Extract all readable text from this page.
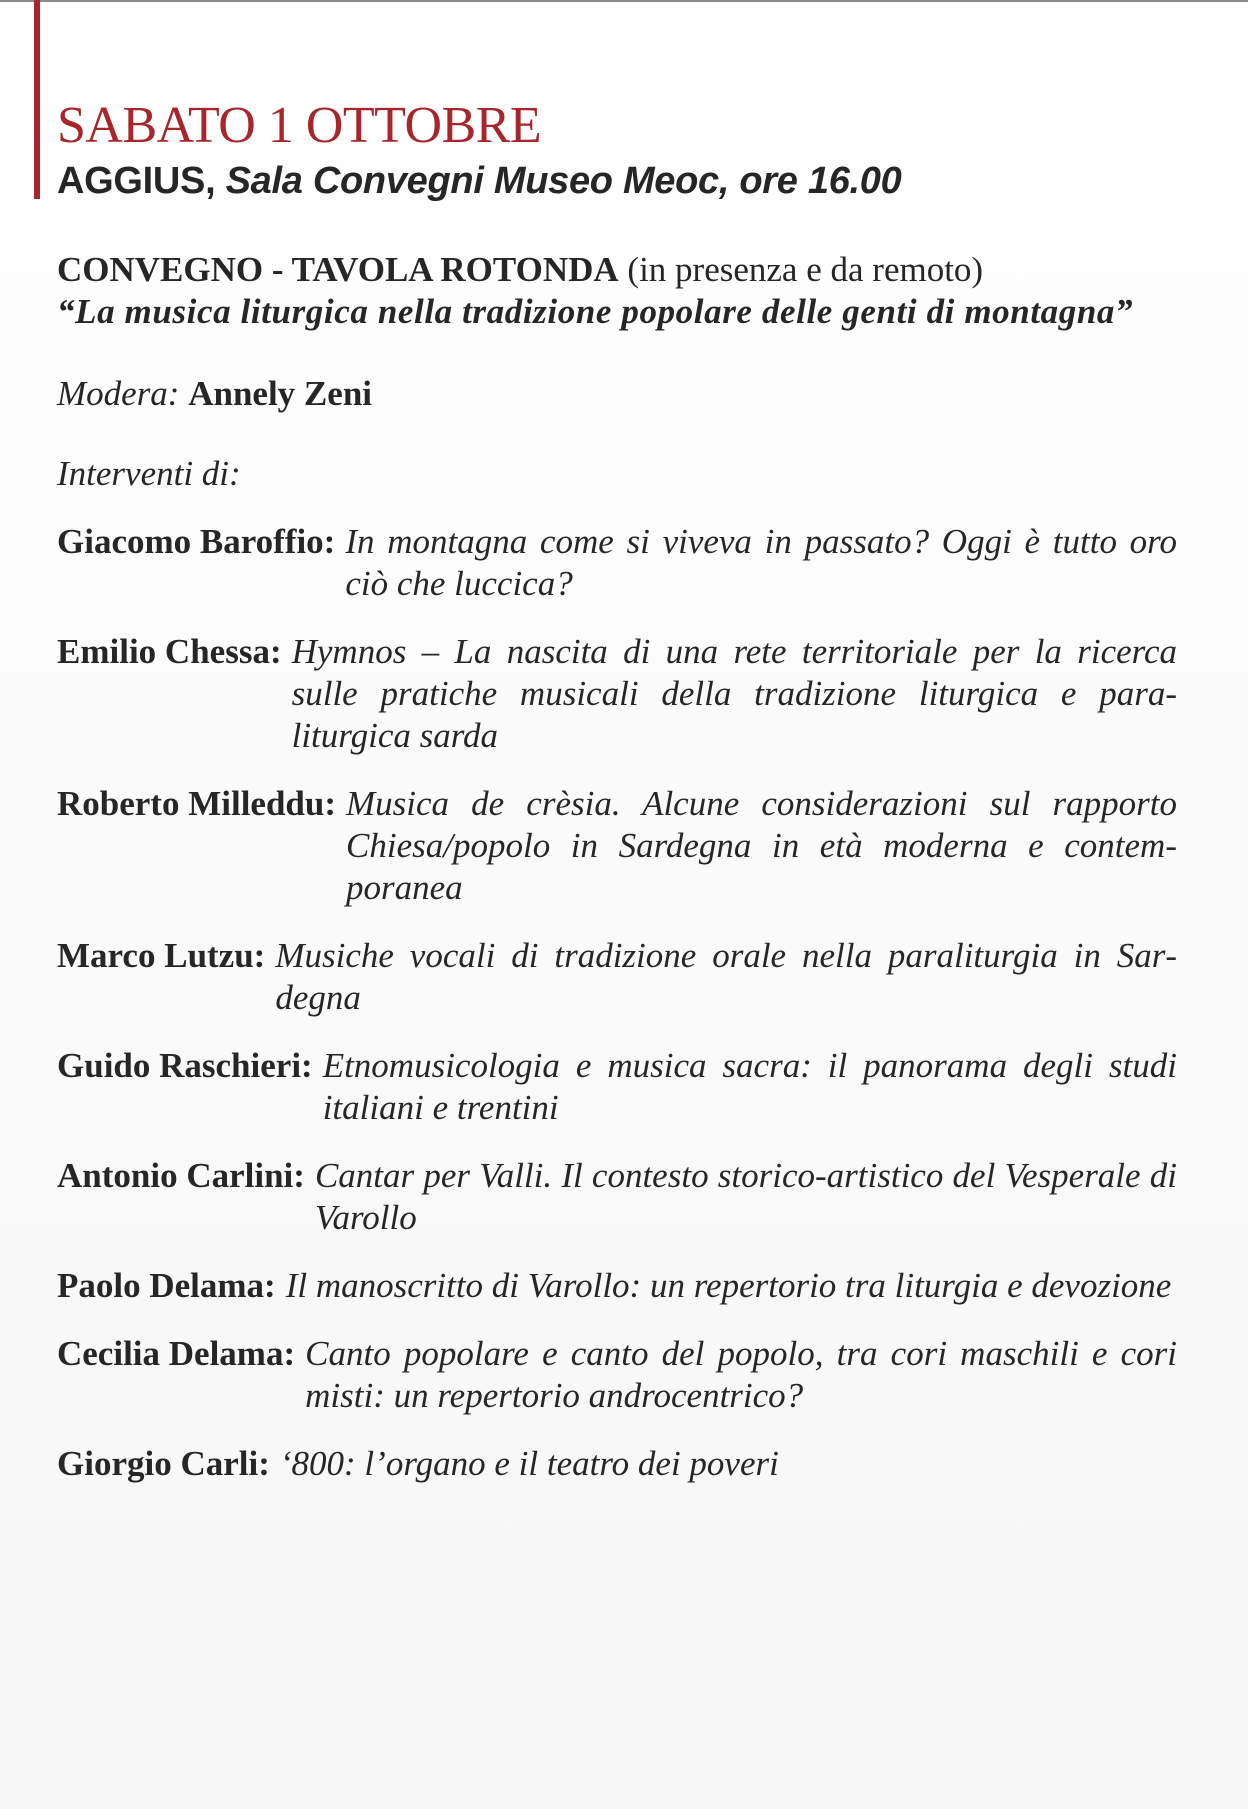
SABATO 1 OTTOBRE

AGGIUS, Sala Convegni Museo Meoc, ore 16.00

CONVEGNO - TAVOLA ROTONDA (in presenza e da remoto)
“La musica liturgica nella tradizione popolare delle genti di montagna”
Modera: Annely Zeni
Interventi di:
Giacomo Baroffio: In montagna come si viveva in passato? Oggi è tutto oro ciò che luccica?
Emilio Chessa: Hymnos – La nascita di una rete territoriale per la ricerca sulle pratiche musicali della tradizione liturgica e paraliturgica sarda
Roberto Milleddu: Musica de crèsia. Alcune considerazioni sul rapporto Chiesa/popolo in Sardegna in età moderna e contemporanea
Marco Lutzu: Musiche vocali di tradizione orale nella paraliturgia in Sardegna
Guido Raschieri: Etnomusicologia e musica sacra: il panorama degli studi italiani e trentini
Antonio Carlini: Cantar per Valli. Il contesto storico-artistico del Vesperale di Varollo
Paolo Delama: Il manoscritto di Varollo: un repertorio tra liturgia e devozione
Cecilia Delama: Canto popolare e canto del popolo, tra cori maschili e cori misti: un repertorio androcentrico?
Giorgio Carli: ‘800: l’organo e il teatro dei poveri
